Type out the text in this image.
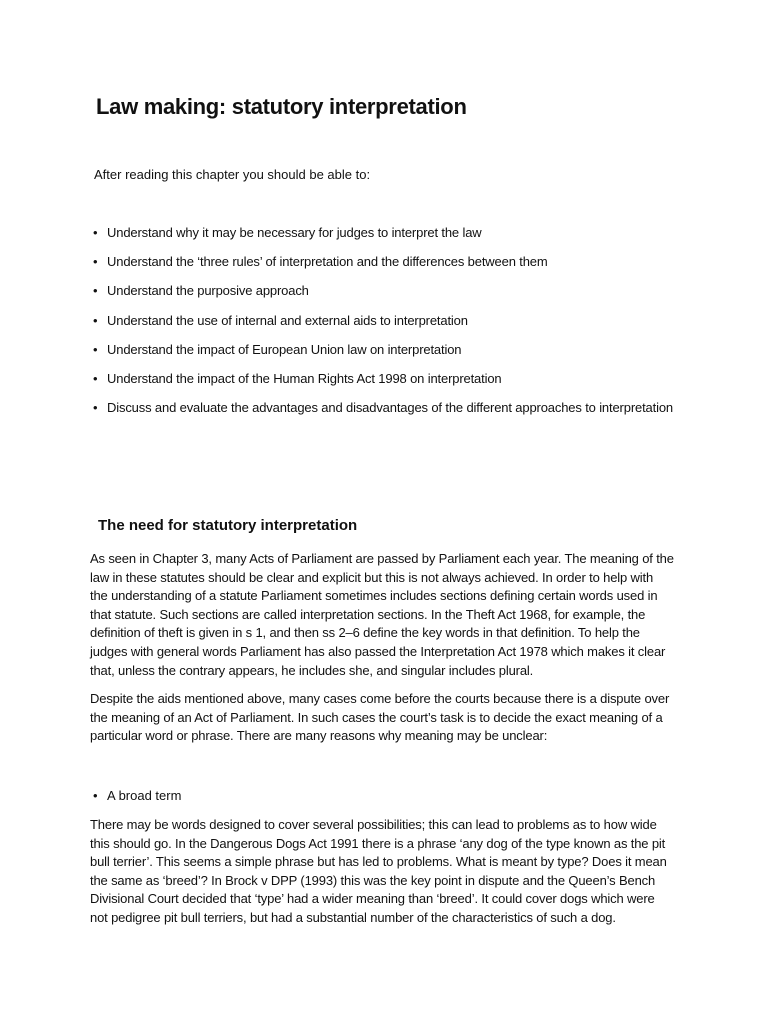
Law making: statutory interpretation

After reading this chapter you should be able to:

• Understand why it may be necessary for judges to interpret the law
• Understand the ‘three rules’ of interpretation and the differences between them
• Understand the purposive approach
• Understand the use of internal and external aids to interpretation
• Understand the impact of European Union law on interpretation
• Understand the impact of the Human Rights Act 1998 on interpretation
• Discuss and evaluate the advantages and disadvantages of the different approaches to interpretation
The need for statutory interpretation

As seen in Chapter 3, many Acts of Parliament are passed by Parliament each year. The meaning of the
law in these statutes should be clear and explicit but this is not always achieved. In order to help with
the understanding of a statute Parliament sometimes includes sections defining certain words used in
that statute. Such sections are called interpretation sections. In the Theft Act 1968, for example, the
definition of theft is given in s 1, and then ss 2–6 define the key words in that definition. To help the
judges with general words Parliament has also passed the Interpretation Act 1978 which makes it clear
that, unless the contrary appears, he includes she, and singular includes plural.

Despite the aids mentioned above, many cases come before the courts because there is a dispute over
the meaning of an Act of Parliament. In such cases the court’s task is to decide the exact meaning of a
particular word or phrase. There are many reasons why meaning may be unclear:

• A broad term

There may be words designed to cover several possibilities; this can lead to problems as to how wide
this should go. In the Dangerous Dogs Act 1991 there is a phrase ‘any dog of the type known as the pit
bull terrier’. This seems a simple phrase but has led to problems. What is meant by type? Does it mean
the same as ‘breed’? In Brock v DPP (1993) this was the key point in dispute and the Queen’s Bench
Divisional Court decided that ‘type’ had a wider meaning than ‘breed’. It could cover dogs which were
not pedigree pit bull terriers, but had a substantial number of the characteristics of such a dog.
